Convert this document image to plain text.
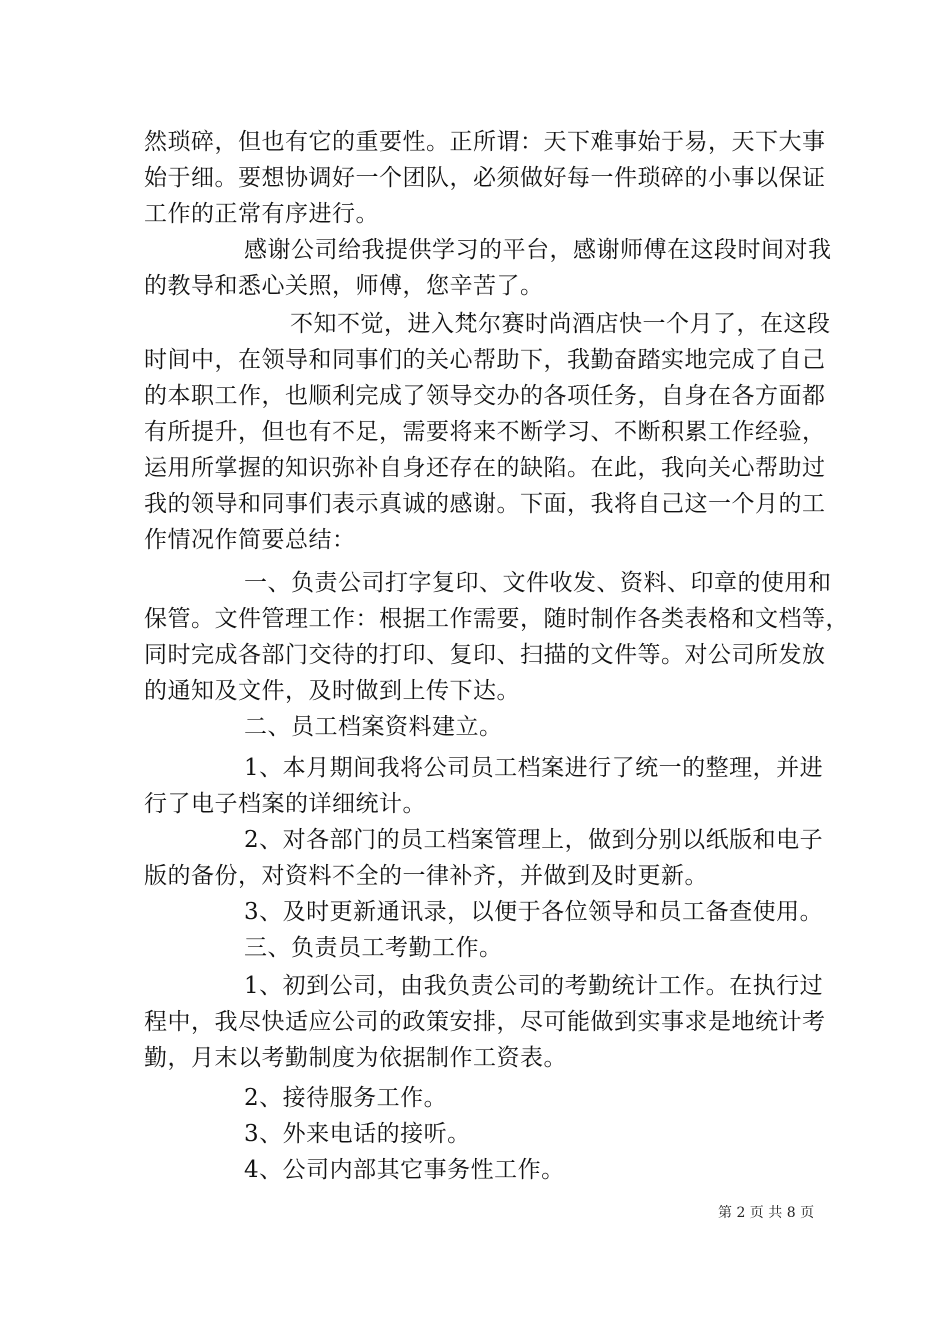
然琐碎，但也有它的重要性。正所谓：天下难事始于易，天下大事
始于细。要想协调好一个团队，必须做好每一件琐碎的小事以保证
工作的正常有序进行。
感谢公司给我提供学习的平台，感谢师傅在这段时间对我
的教导和悉心关照，师傅，您辛苦了。
不知不觉，进入梵尔赛时尚酒店快一个月了，在这段
时间中，在领导和同事们的关心帮助下，我勤奋踏实地完成了自己
的本职工作，也顺利完成了领导交办的各项任务，自身在各方面都
有所提升，但也有不足，需要将来不断学习、不断积累工作经验，
运用所掌握的知识弥补自身还存在的缺陷。在此，我向关心帮助过
我的领导和同事们表示真诚的感谢。下面，我将自己这一个月的工
作情况作简要总结：
一、负责公司打字复印、文件收发、资料、印章的使用和
保管。文件管理工作：根据工作需要，随时制作各类表格和文档等，
同时完成各部门交待的打印、复印、扫描的文件等。对公司所发放
的通知及文件，及时做到上传下达。
二、员工档案资料建立。
1、本月期间我将公司员工档案进行了统一的整理，并进
行了电子档案的详细统计。
2、对各部门的员工档案管理上，做到分别以纸版和电子
版的备份，对资料不全的一律补齐，并做到及时更新。
3、及时更新通讯录，以便于各位领导和员工备查使用。
三、负责员工考勤工作。
1、初到公司，由我负责公司的考勤统计工作。在执行过
程中，我尽快适应公司的政策安排，尽可能做到实事求是地统计考
勤，月末以考勤制度为依据制作工资表。
2、接待服务工作。
3、外来电话的接听。
4、公司内部其它事务性工作。
第 2 页 共 8 页
